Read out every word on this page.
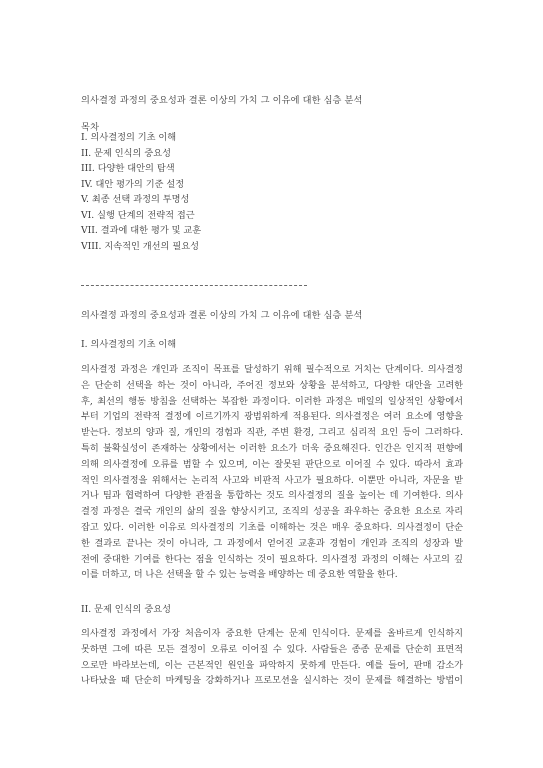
의사결정 과정의 중요성과 결론 이상의 가치 그 이유에 대한 심층 분석
목차
I. 의사결정의 기초 이해
II. 문제 인식의 중요성
III. 다양한 대안의 탐색
IV. 대안 평가의 기준 설정
V. 최종 선택 과정의 투명성
VI. 실행 단계의 전략적 접근
VII. 결과에 대한 평가 및 교훈
VIII. 지속적인 개선의 필요성
의사결정 과정의 중요성과 결론 이상의 가치 그 이유에 대한 심층 분석
I. 의사결정의 기초 이해
의사결정 과정은 개인과 조직이 목표를 달성하기 위해 필수적으로 거치는 단계이다. 의사결정
은 단순히 선택을 하는 것이 아니라, 주어진 정보와 상황을 분석하고, 다양한 대안을 고려한
후, 최선의 행동 방침을 선택하는 복잡한 과정이다. 이러한 과정은 매일의 일상적인 상황에서
부터 기업의 전략적 결정에 이르기까지 광범위하게 적용된다. 의사결정은 여러 요소에 영향을
받는다. 정보의 양과 질, 개인의 경험과 직관, 주변 환경, 그리고 심리적 요인 등이 그러하다.
특히 불확실성이 존재하는 상황에서는 이러한 요소가 더욱 중요해진다. 인간은 인지적 편향에
의해 의사결정에 오류를 범할 수 있으며, 이는 잘못된 판단으로 이어질 수 있다. 따라서 효과
적인 의사결정을 위해서는 논리적 사고와 비판적 사고가 필요하다. 이뿐만 아니라, 자문을 받
거나 팀과 협력하여 다양한 관점을 통합하는 것도 의사결정의 질을 높이는 데 기여한다. 의사
결정 과정은 결국 개인의 삶의 질을 향상시키고, 조직의 성공을 좌우하는 중요한 요소로 자리
잡고 있다. 이러한 이유로 의사결정의 기초를 이해하는 것은 매우 중요하다. 의사결정이 단순
한 결과로 끝나는 것이 아니라, 그 과정에서 얻어진 교훈과 경험이 개인과 조직의 성장과 발
전에 중대한 기여를 한다는 점을 인식하는 것이 필요하다. 의사결정 과정의 이해는 사고의 깊
이를 더하고, 더 나은 선택을 할 수 있는 능력을 배양하는 데 중요한 역할을 한다.
II. 문제 인식의 중요성
의사결정 과정에서 가장 처음이자 중요한 단계는 문제 인식이다. 문제를 올바르게 인식하지
못하면 그에 따른 모든 결정이 오류로 이어질 수 있다. 사람들은 종종 문제를 단순히 표면적
으로만 바라보는데, 이는 근본적인 원인을 파악하지 못하게 만든다. 예를 들어, 판매 감소가
나타났을 때 단순히 마케팅을 강화하거나 프로모션을 실시하는 것이 문제를 해결하는 방법이
